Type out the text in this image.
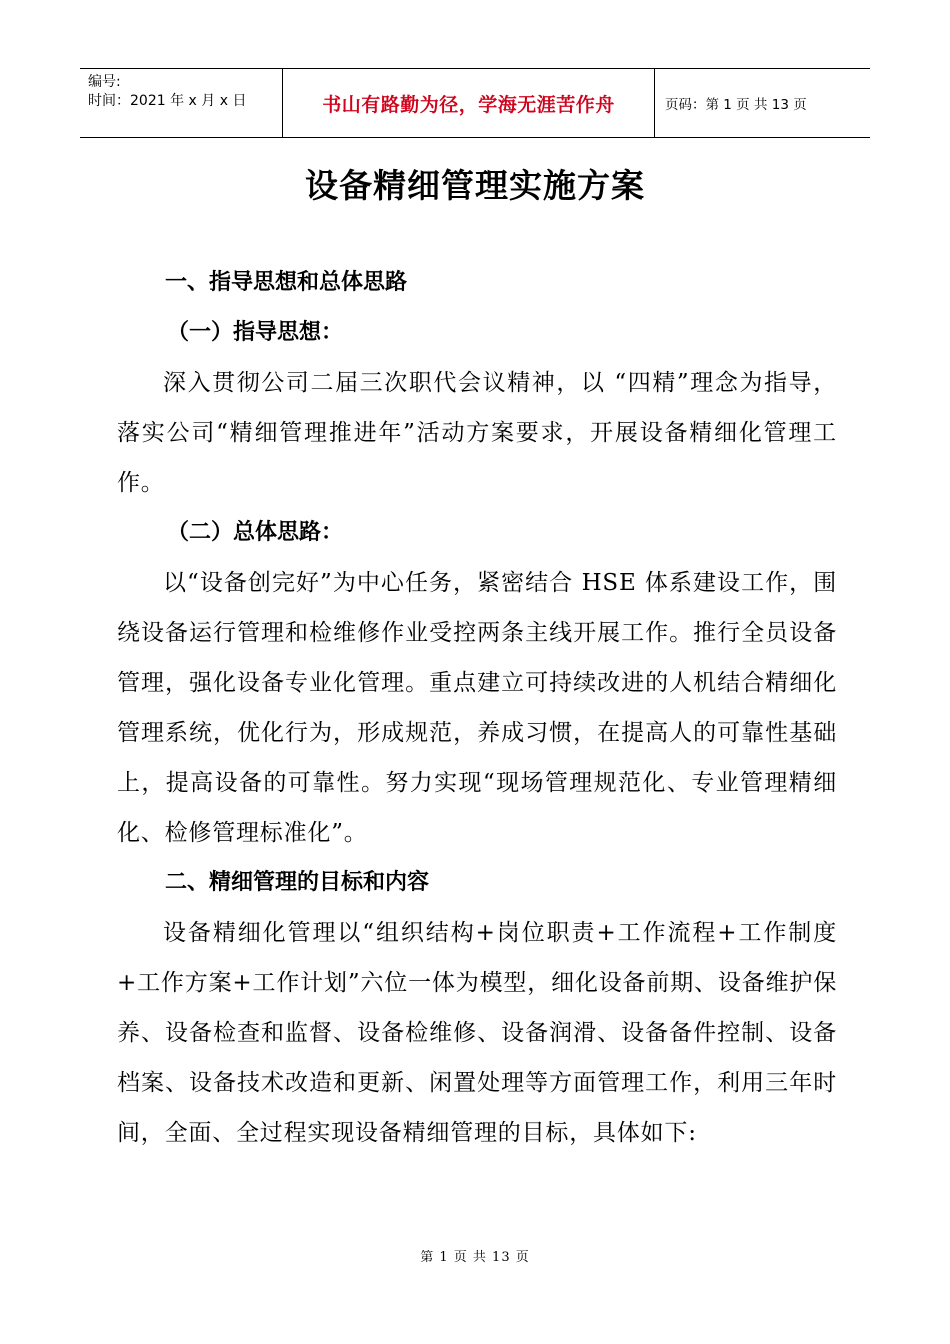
编号:
时间：2021 年 x 月 x 日	书山有路勤为径，学海无涯苦作舟	页码：第 1 页 共 13 页
设备精细管理实施方案

一、指导思想和总体思路

（一）指导思想：

深入贯彻公司二届三次职代会议精神，以 “四精”理念为指导，落实公司“精细管理推进年”活动方案要求，开展设备精细化管理工作。

（二）总体思路：

以“设备创完好”为中心任务，紧密结合 HSE 体系建设工作，围绕设备运行管理和检维修作业受控两条主线开展工作。推行全员设备管理，强化设备专业化管理。重点建立可持续改进的人机结合精细化管理系统，优化行为，形成规范，养成习惯，在提高人的可靠性基础上，提高设备的可靠性。努力实现“现场管理规范化、专业管理精细化、检修管理标准化”。

二、精细管理的目标和内容

设备精细化管理以“组织结构+岗位职责+工作流程+工作制度+工作方案+工作计划”六位一体为模型，细化设备前期、设备维护保养、设备检查和监督、设备检维修、设备润滑、设备备件控制、设备档案、设备技术改造和更新、闲置处理等方面管理工作，利用三年时间，全面、全过程实现设备精细管理的目标，具体如下:

第 1 页 共 13 页
